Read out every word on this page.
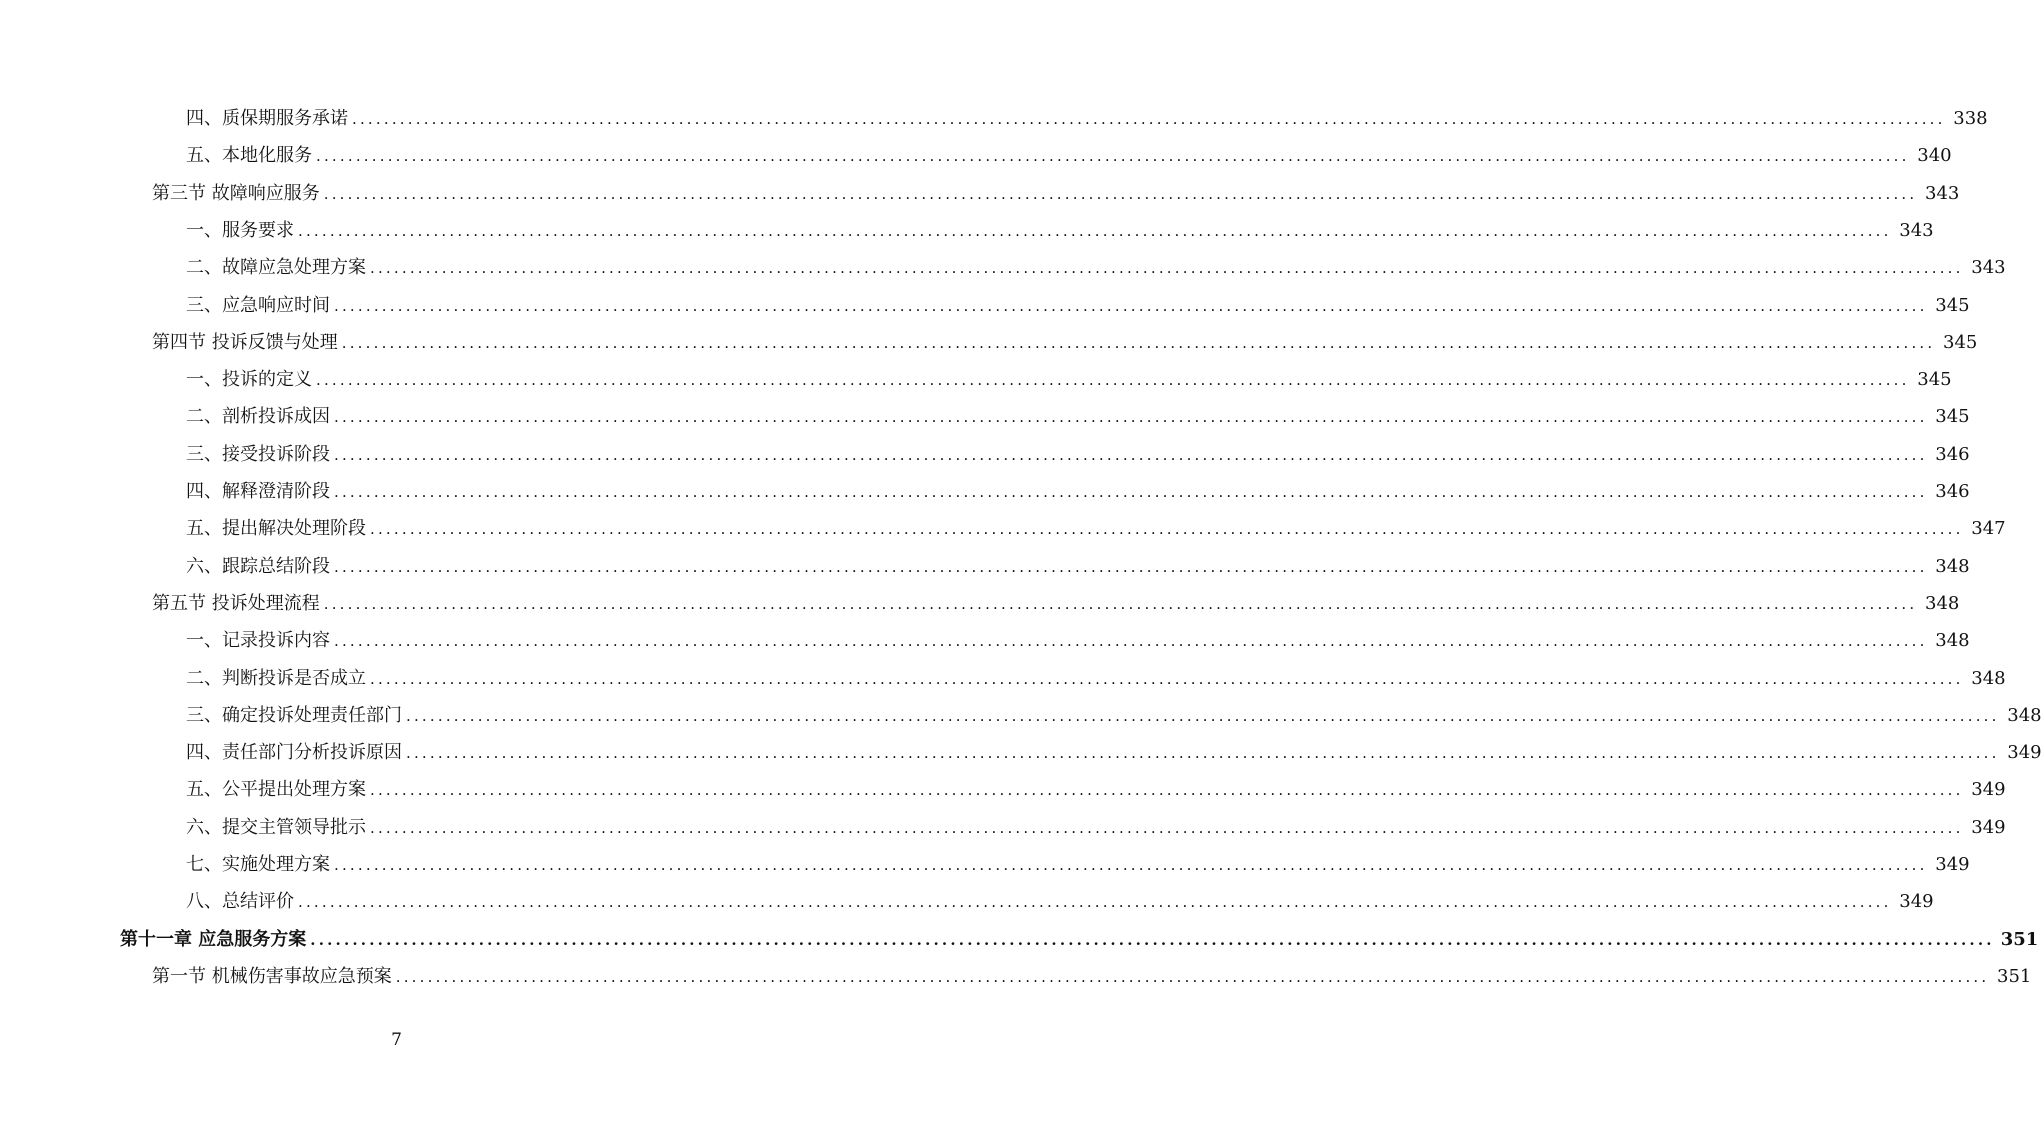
四、质保期服务承诺 ........................................................................................................................................................................................................ 338
五、本地化服务 ........................................................................................................................................................................................................ 340
第三节 故障响应服务 ........................................................................................................................................................................................................ 343
一、服务要求 ........................................................................................................................................................................................................ 343
二、故障应急处理方案 ........................................................................................................................................................................................................ 343
三、应急响应时间 ........................................................................................................................................................................................................ 345
第四节 投诉反馈与处理 ........................................................................................................................................................................................................ 345
一、投诉的定义 ........................................................................................................................................................................................................ 345
二、剖析投诉成因 ........................................................................................................................................................................................................ 345
三、接受投诉阶段 ........................................................................................................................................................................................................ 346
四、解释澄清阶段 ........................................................................................................................................................................................................ 346
五、提出解决处理阶段 ........................................................................................................................................................................................................ 347
六、跟踪总结阶段 ........................................................................................................................................................................................................ 348
第五节 投诉处理流程 ........................................................................................................................................................................................................ 348
一、记录投诉内容 ........................................................................................................................................................................................................ 348
二、判断投诉是否成立 ........................................................................................................................................................................................................ 348
三、确定投诉处理责任部门 ........................................................................................................................................................................................................ 348
四、责任部门分析投诉原因 ........................................................................................................................................................................................................ 349
五、公平提出处理方案 ........................................................................................................................................................................................................ 349
六、提交主管领导批示 ........................................................................................................................................................................................................ 349
七、实施处理方案 ........................................................................................................................................................................................................ 349
八、总结评价 ........................................................................................................................................................................................................ 349
第十一章 应急服务方案 ........................................................................................................................................................................................................ 351
第一节 机械伤害事故应急预案 ........................................................................................................................................................................................................ 351
7
